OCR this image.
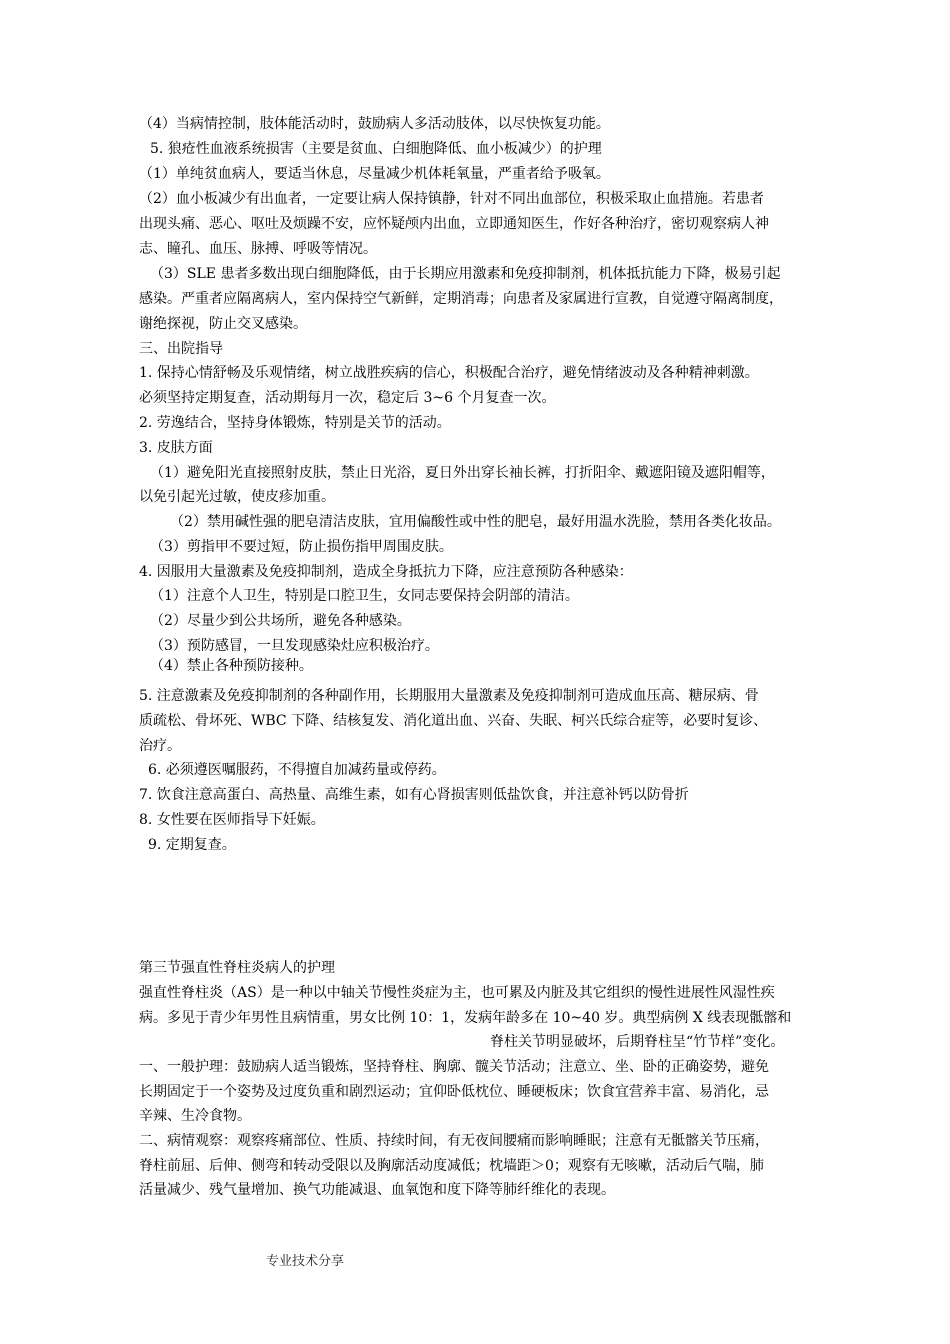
（4）当病情控制，肢体能活动时，鼓励病人多活动肢体，以尽快恢复功能。
5. 狼疮性血液系统损害（主要是贫血、白细胞降低、血小板减少）的护理
（1）单纯贫血病人，要适当休息，尽量减少机体耗氧量，严重者给予吸氧。
（2）血小板减少有出血者，一定要让病人保持镇静，针对不同出血部位，积极采取止血措施。若患者
出现头痛、恶心、呕吐及烦躁不安，应怀疑颅内出血，立即通知医生，作好各种治疗，密切观察病人神
志、瞳孔、血压、脉搏、呼吸等情况。
（3）SLE 患者多数出现白细胞降低，由于长期应用激素和免疫抑制剂，机体抵抗能力下降，极易引起
感染。严重者应隔离病人，室内保持空气新鲜，定期消毒；向患者及家属进行宣教，自觉遵守隔离制度，
谢绝探视，防止交叉感染。
三、出院指导
1. 保持心情舒畅及乐观情绪，树立战胜疾病的信心，积极配合治疗，避免情绪波动及各种精神刺激。
必须坚持定期复查，活动期每月一次，稳定后 3~6 个月复查一次。
2. 劳逸结合，坚持身体锻炼，特别是关节的活动。
3. 皮肤方面
（1）避免阳光直接照射皮肤，禁止日光浴，夏日外出穿长袖长裤，打折阳伞、戴遮阳镜及遮阳帽等，
以免引起光过敏，使皮疹加重。
（2）禁用碱性强的肥皂清洁皮肤，宜用偏酸性或中性的肥皂，最好用温水洗脸，禁用各类化妆品。
（3）剪指甲不要过短，防止损伤指甲周围皮肤。
4. 因服用大量激素及免疫抑制剂，造成全身抵抗力下降，应注意预防各种感染：
（1）注意个人卫生，特别是口腔卫生，女同志要保持会阴部的清洁。
（2）尽量少到公共场所，避免各种感染。
（3）预防感冒，一旦发现感染灶应积极治疗。
（4）禁止各种预防接种。
5. 注意激素及免疫抑制剂的各种副作用，长期服用大量激素及免疫抑制剂可造成血压高、糖尿病、骨
质疏松、骨坏死、WBC 下降、结核复发、消化道出血、兴奋、失眠、柯兴氏综合症等，必要时复诊、
治疗。
6. 必须遵医嘱服药，不得擅自加减药量或停药。
7. 饮食注意高蛋白、高热量、高维生素，如有心肾损害则低盐饮食，并注意补钙以防骨折
8. 女性要在医师指导下妊娠。
9. 定期复查。
第三节强直性脊柱炎病人的护理
强直性脊柱炎（AS）是一种以中轴关节慢性炎症为主，也可累及内脏及其它组织的慢性进展性风湿性疾
病。多见于青少年男性且病情重，男女比例 10：1，发病年龄多在 10~40 岁。典型病例 X 线表现骶髂和
脊柱关节明显破坏，后期脊柱呈“竹节样”变化。
一、一般护理：鼓励病人适当锻炼，坚持脊柱、胸廓、髋关节活动；注意立、坐、卧的正确姿势，避免
长期固定于一个姿势及过度负重和剧烈运动；宜仰卧低枕位、睡硬板床；饮食宜营养丰富、易消化，忌
辛辣、生冷食物。
二、病情观察：观察疼痛部位、性质、持续时间，有无夜间腰痛而影响睡眠；注意有无骶髂关节压痛，
脊柱前屈、后伸、侧弯和转动受限以及胸廓活动度减低；枕墙距＞0；观察有无咳嗽，活动后气喘，肺
活量减少、残气量增加、换气功能减退、血氧饱和度下降等肺纤维化的表现。
专业技术分享
